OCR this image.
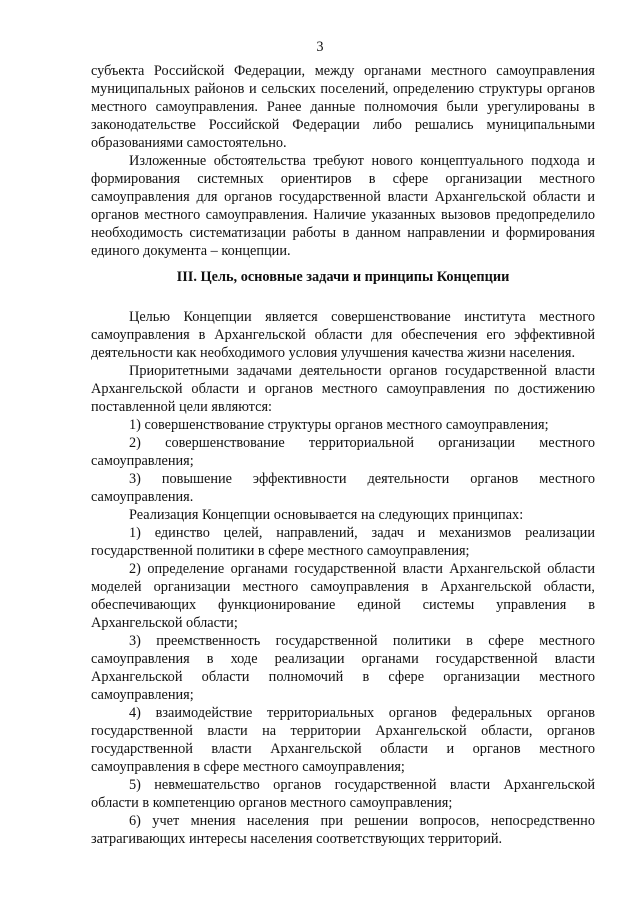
3

субъекта Российской Федерации, между органами местного самоуправления муниципальных районов и сельских поселений, определению структуры органов местного самоуправления. Ранее данные полномочия были урегулированы в законодательстве Российской Федерации либо решались муниципальными образованиями самостоятельно.

Изложенные обстоятельства требуют нового концептуального подхода и формирования системных ориентиров в сфере организации местного самоуправления для органов государственной власти Архангельской области и органов местного самоуправления. Наличие указанных вызовов предопределило необходимость систематизации работы в данном направлении и формирования единого документа – концепции.

III. Цель, основные задачи и принципы Концепции

Целью Концепции является совершенствование института местного самоуправления в Архангельской области для обеспечения его эффективной деятельности как необходимого условия улучшения качества жизни населения.

Приоритетными задачами деятельности органов государственной власти Архангельской области и органов местного самоуправления по достижению поставленной цели являются:

1) совершенствование структуры органов местного самоуправления;

2) совершенствование территориальной организации местного самоуправления;

3) повышение эффективности деятельности органов местного самоуправления.

Реализация Концепции основывается на следующих принципах:

1) единство целей, направлений, задач и механизмов реализации государственной политики в сфере местного самоуправления;

2) определение органами государственной власти Архангельской области моделей организации местного самоуправления в Архангельской области, обеспечивающих функционирование единой системы управления в Архангельской области;

3) преемственность государственной политики в сфере местного самоуправления в ходе реализации органами государственной власти Архангельской области полномочий в сфере организации местного самоуправления;

4) взаимодействие территориальных органов федеральных органов государственной власти на территории Архангельской области, органов государственной власти Архангельской области и органов местного самоуправления в сфере местного самоуправления;

5) невмешательство органов государственной власти Архангельской области в компетенцию органов местного самоуправления;

6) учет мнения населения при решении вопросов, непосредственно затрагивающих интересы населения соответствующих территорий.
